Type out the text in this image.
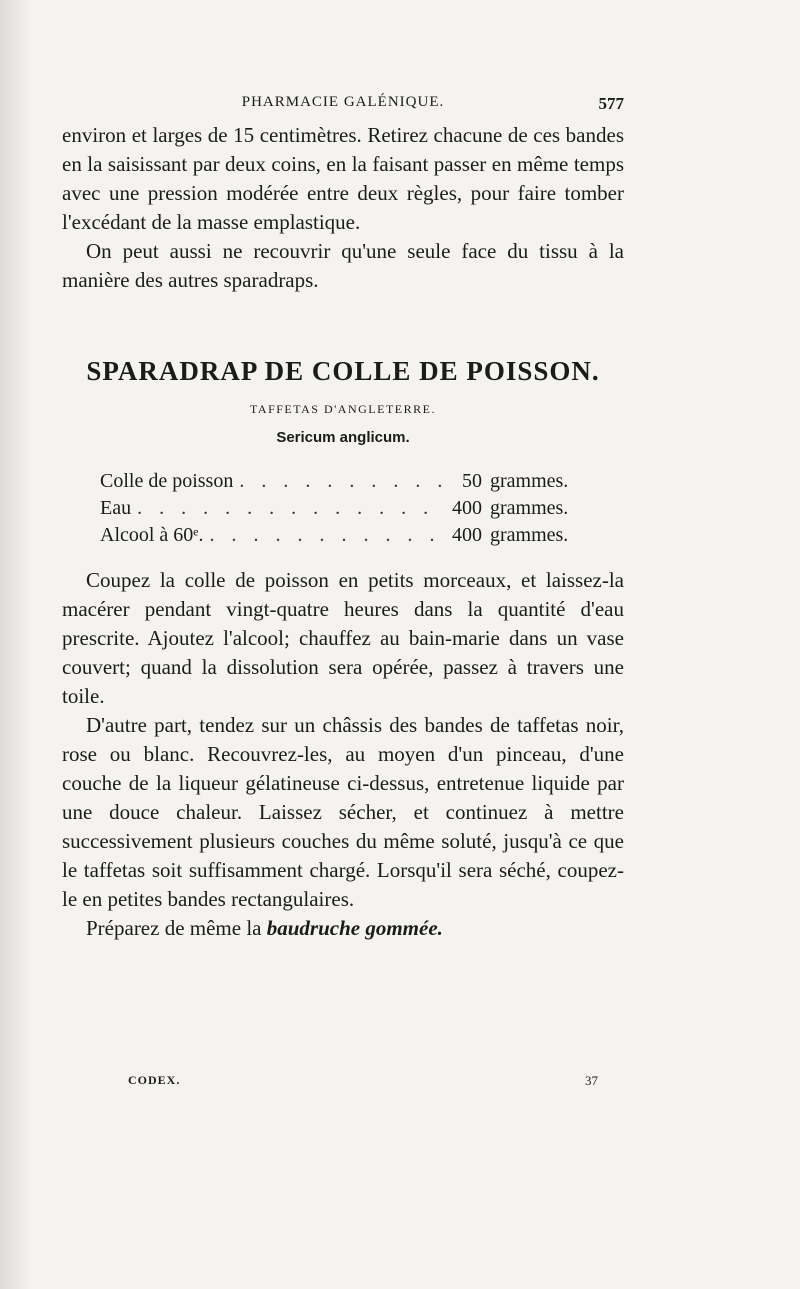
PHARMACIE GALÉNIQUE.	577

environ et larges de 15 centimètres. Retirez chacune de ces bandes en la saisissant par deux coins, en la faisant passer en même temps avec une pression modérée entre deux règles, pour faire tomber l'excédant de la masse emplastique.

On peut aussi ne recouvrir qu'une seule face du tissu à la manière des autres sparadraps.

SPARADRAP DE COLLE DE POISSON.
TAFFETAS D'ANGLETERRE.
Sericum anglicum.
Colle de poisson . . .	50 grammes.
Eau . . .	400 grammes.
Alcool à 60ᵉ. . . .	400 grammes.

Coupez la colle de poisson en petits morceaux, et laissez-la macérer pendant vingt-quatre heures dans la quantité d'eau prescrite. Ajoutez l'alcool; chauffez au bain-marie dans un vase couvert; quand la dissolution sera opérée, passez à travers une toile.

D'autre part, tendez sur un châssis des bandes de taffetas noir, rose ou blanc. Recouvrez-les, au moyen d'un pinceau, d'une couche de la liqueur gélatineuse ci-dessus, entretenue liquide par une douce chaleur. Laissez sécher, et continuez à mettre successivement plusieurs couches du même soluté, jusqu'à ce que le taffetas soit suffisamment chargé. Lorsqu'il sera séché, coupez-le en petites bandes rectangulaires.

Préparez de même la baudruche gommée.

CODEX.	37
